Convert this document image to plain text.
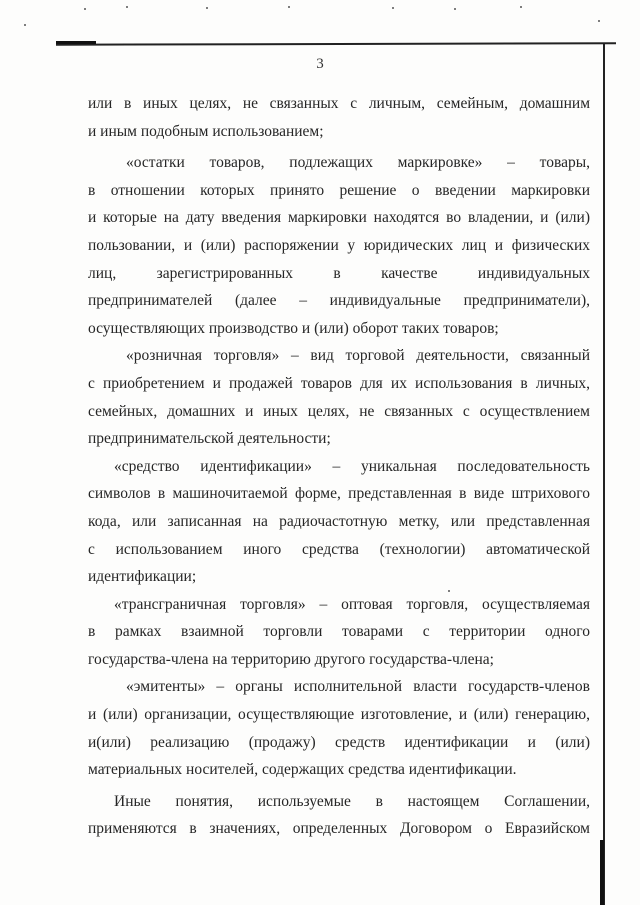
3
или в иных целях, не связанных с личным, семейным, домашним
и иным подобным использованием;
«остатки товаров, подлежащих маркировке» – товары,
в отношении которых принято решение о введении маркировки
и которые на дату введения маркировки находятся во владении, и (или)
пользовании, и (или) распоряжении у юридических лиц и физических
лиц, зарегистрированных в качестве индивидуальных
предпринимателей (далее – индивидуальные предприниматели),
осуществляющих производство и (или) оборот таких товаров;
«розничная торговля» – вид торговой деятельности, связанный
с приобретением и продажей товаров для их использования в личных,
семейных, домашних и иных целях, не связанных с осуществлением
предпринимательской деятельности;
«средство идентификации» – уникальная последовательность
символов в машиночитаемой форме, представленная в виде штрихового
кода, или записанная на радиочастотную метку, или представленная
с использованием иного средства (технологии) автоматической
идентификации;
«трансграничная торговля» – оптовая торговля, осуществляемая
в рамках взаимной торговли товарами с территории одного
государства-члена на территорию другого государства-члена;
«эмитенты» – органы исполнительной власти государств-членов
и (или) организации, осуществляющие изготовление, и (или) генерацию,
и(или) реализацию (продажу) средств идентификации и (или)
материальных носителей, содержащих средства идентификации.
Иные понятия, используемые в настоящем Соглашении,
применяются в значениях, определенных Договором о Евразийском
